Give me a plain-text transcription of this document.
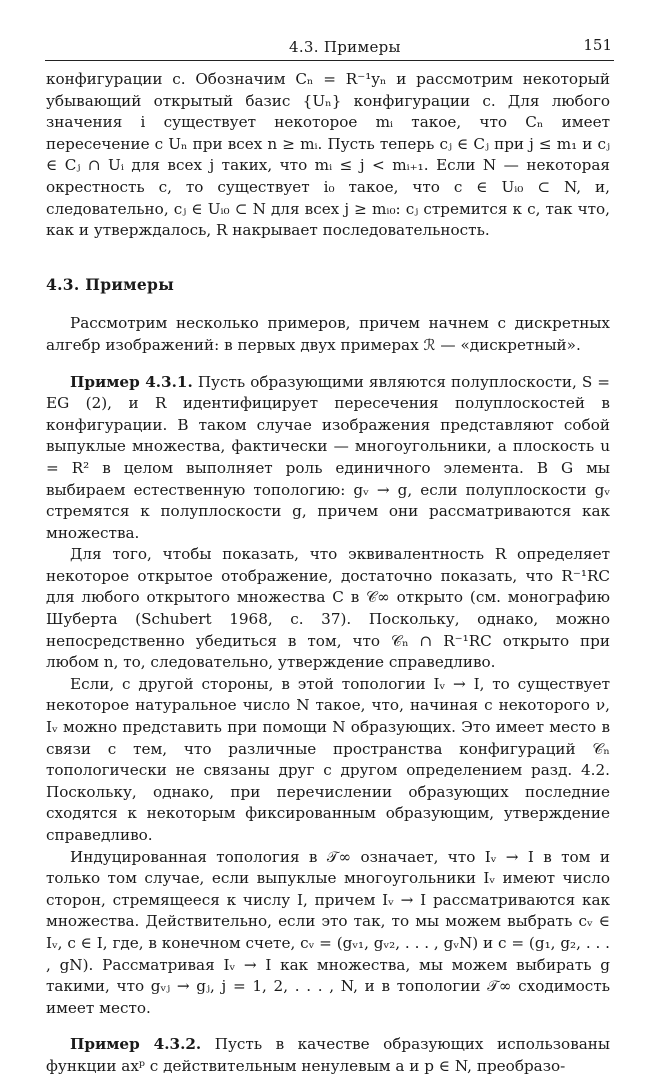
4.3. Примеры	151

конфигурации c. Обозначим Cₙ = R⁻¹yₙ и рассмотрим некоторый убывающий открытый базис {Uₙ} конфигурации c. Для любого значения i существует некоторое mᵢ такое, что Cₙ имеет пересечение с Uₙ при всех n ≥ mᵢ. Пусть теперь cⱼ ∈ Cⱼ при j ≤ m₁ и cⱼ ∈ Cⱼ ∩ Uᵢ для всех j таких, что mᵢ ≤ j < mᵢ₊₁. Если N — некоторая окрестность c, то существует i₀ такое, что c ∈ Uᵢ₀ ⊂ N, и, следовательно, cⱼ ∈ Uᵢ₀ ⊂ N для всех j ≥ mᵢ₀: cⱼ стремится к c, так что, как и утверждалось, R накрывает последовательность.

4.3. Примеры

Рассмотрим несколько примеров, причем начнем с дискретных алгебр изображений: в первых двух примерах ℛ — «дискретный».

Пример 4.3.1. Пусть образующими являются полуплоскости, S = EG (2), и R идентифицирует пересечения полуплоскостей в конфигурации. В таком случае изображения представляют собой выпуклые множества, фактически — многоугольники, а плоскость u = R² в целом выполняет роль единичного элемента. В G мы выбираем естественную топологию: gᵥ → g, если полуплоскости gᵥ стремятся к полуплоскости g, причем они рассматриваются как множества.

Для того, чтобы показать, что эквивалентность R определяет некоторое открытое отображение, достаточно показать, что R⁻¹RC для любого открытого множества C в 𝒞∞ открыто (см. монографию Шуберта (Schubert 1968, с. 37). Поскольку, однако, можно непосредственно убедиться в том, что 𝒞ₙ ∩ R⁻¹RC открыто при любом n, то, следовательно, утверждение справедливо.

Если, с другой стороны, в этой топологии Iᵥ → I, то существует некоторое натуральное число N такое, что, начиная с некоторого ν, Iᵥ можно представить при помощи N образующих. Это имеет место в связи с тем, что различные пространства конфигураций 𝒞ₙ топологически не связаны друг с другом определением разд. 4.2. Поскольку, однако, при перечислении образующих последние сходятся к некоторым фиксированным образующим, утверждение справедливо.

Индуцированная топология в 𝒯∞ означает, что Iᵥ → I в том и только том случае, если выпуклые многоугольники Iᵥ имеют число сторон, стремящееся к числу I, причем Iᵥ → I рассматриваются как множества. Действительно, если это так, то мы можем выбрать cᵥ ∈ Iᵥ, c ∈ I, где, в конечном счете, cᵥ = (gᵥ₁, gᵥ₂, . . . , gᵥN) и c = (g₁, g₂, . . . , gN). Рассматривая Iᵥ → I как множества, мы можем выбирать g такими, что gᵥⱼ → gⱼ, j = 1, 2, . . . , N, и в топологии 𝒯∞ сходимость имеет место.

Пример 4.3.2. Пусть в качестве образующих использованы функции axᵖ с действительным ненулевым a и p ∈ N, преобразо-
